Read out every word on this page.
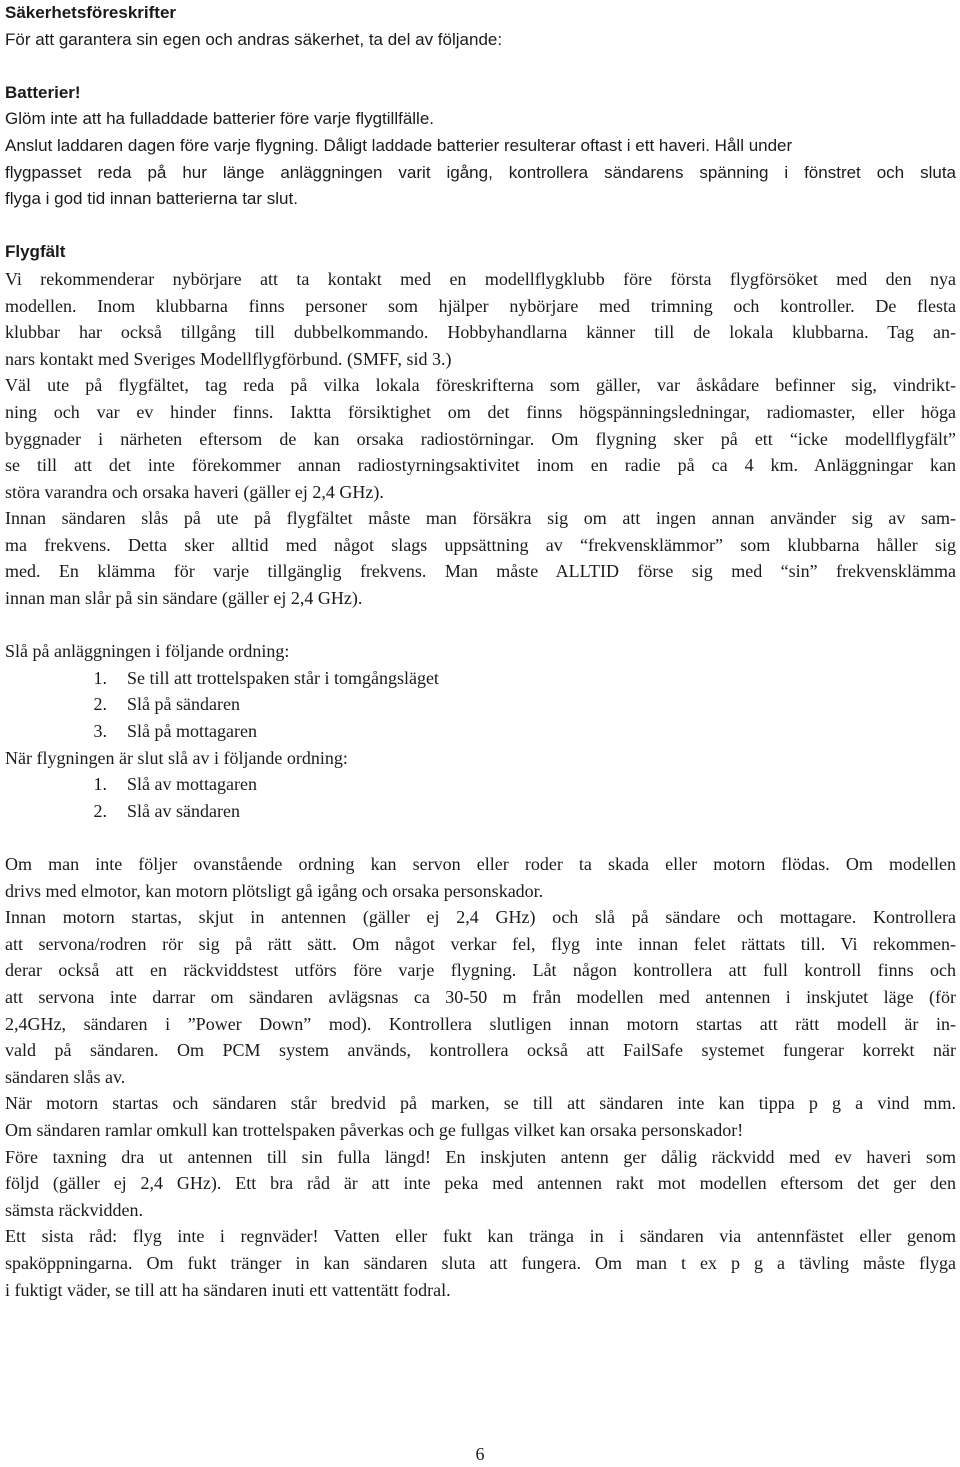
Säkerhetsföreskrifter
För att garantera sin egen och andras säkerhet, ta del av följande:
Batterier!
Glöm inte att ha fulladdade batterier före varje flygtillfälle.
Anslut laddaren dagen före varje flygning. Dåligt laddade batterier resulterar oftast i ett haveri. Håll under
flygpasset reda på hur länge anläggningen varit igång, kontrollera sändarens spänning i fönstret och sluta
flyga i god tid innan batterierna tar slut.
Flygfält
Vi rekommenderar nybörjare att ta kontakt med en modellflygklubb före första flygförsöket med den nya
modellen. Inom klubbarna finns personer som hjälper nybörjare med trimning och kontroller. De flesta
klubbar har också tillgång till dubbelkommando. Hobbyhandlarna känner till de lokala klubbarna. Tag an-
nars kontakt med Sveriges Modellflygförbund. (SMFF, sid 3.)
Väl ute på flygfältet, tag reda på vilka lokala föreskrifterna som gäller, var åskådare befinner sig, vindrikt-
ning och var ev hinder finns. Iaktta försiktighet om det finns högspänningsledningar, radiomaster, eller höga
byggnader i närheten eftersom de kan orsaka radiostörningar. Om flygning sker på ett “icke modellflygfält”
se till att det inte förekommer annan radiostyrningsaktivitet inom en radie på ca 4 km. Anläggningar kan
störa varandra och orsaka haveri (gäller ej 2,4 GHz).
Innan sändaren slås på ute på flygfältet måste man försäkra sig om att ingen annan använder sig av sam-
ma frekvens. Detta sker alltid med något slags uppsättning av “frekvensklämmor” som klubbarna håller sig
med. En klämma för varje tillgänglig frekvens. Man måste ALLTID förse sig med “sin” frekvensklämma
innan man slår på sin sändare (gäller ej 2,4 GHz).
Slå på anläggningen i följande ordning:
1 . Se till att trottelspaken står i tomgångsläget
2 . Slå på sändaren
3 . Slå på mottagaren
När flygningen är slut slå av i följande ordning:
1 . Slå av mottagaren
2 . Slå av sändaren
Om man inte följer ovanstående ordning kan servon eller roder ta skada eller motorn flödas. Om modellen
drivs med elmotor, kan motorn plötsligt gå igång och orsaka personskador.
Innan motorn startas, skjut in antennen (gäller ej 2,4 GHz) och slå på sändare och mottagare. Kontrollera
att servona/rodren rör sig på rätt sätt. Om något verkar fel, flyg inte innan felet rättats till. Vi rekommen-
derar också att en räckviddstest utförs före varje flygning. Låt någon kontrollera att full kontroll finns och
att servona inte darrar om sändaren avlägsnas ca 30-50 m från modellen med antennen i inskjutet läge (för
2,4GHz, sändaren i ”Power Down” mod). Kontrollera slutligen innan motorn startas att rätt modell är in-
vald på sändaren. Om PCM system används, kontrollera också att FailSafe systemet fungerar korrekt när
sändaren slås av.
När motorn startas och sändaren står bredvid på marken, se till att sändaren inte kan tippa p g a vind mm.
Om sändaren ramlar omkull kan trottelspaken påverkas och ge fullgas vilket kan orsaka personskador!
Före taxning dra ut antennen till sin fulla längd! En inskjuten antenn ger dålig räckvidd med ev haveri som
följd (gäller ej 2,4 GHz). Ett bra råd är att inte peka med antennen rakt mot modellen eftersom det ger den
sämsta räckvidden.
Ett sista råd: flyg inte i regnväder! Vatten eller fukt kan tränga in i sändaren via antennfästet eller genom
spaköppningarna. Om fukt tränger in kan sändaren sluta att fungera. Om man t ex p g a tävling måste flyga
i fuktigt väder, se till att ha sändaren inuti ett vattentätt fodral.
6
